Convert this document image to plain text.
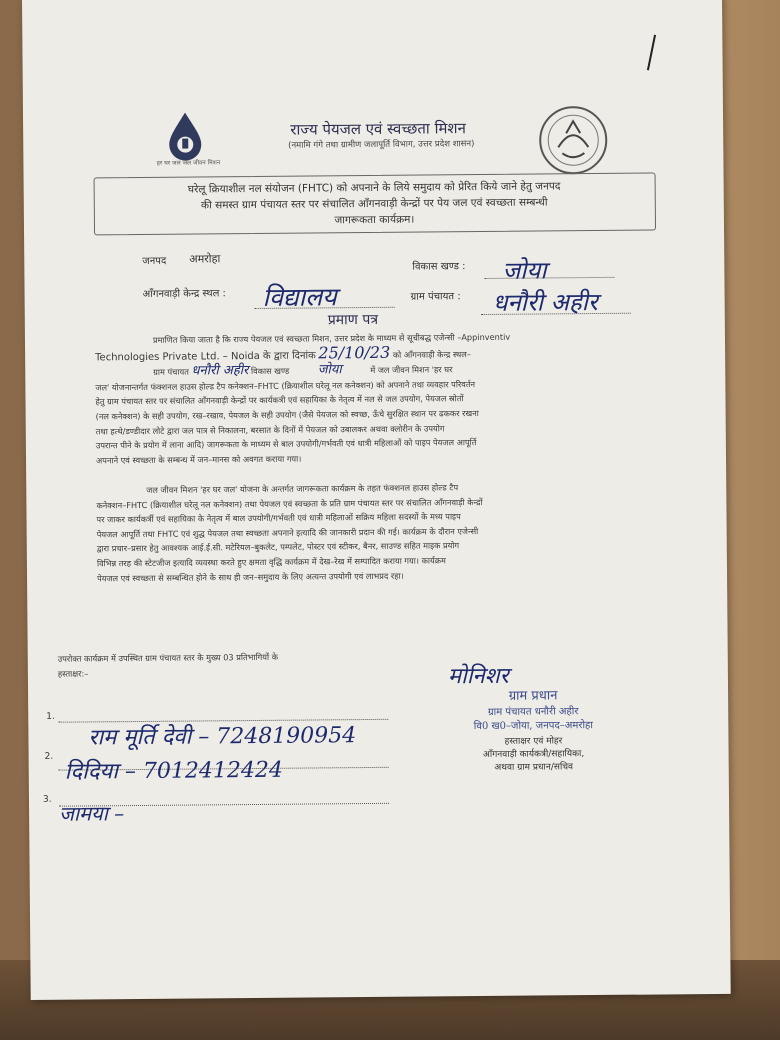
हर घर जल जल जीवन मिशन
राज्य पेयजल एवं स्वच्छता मिशन
(नमामि गंगे तथा ग्रामीण जलापूर्ति विभाग, उत्तर प्रदेश शासन)
घरेलू क्रियाशील नल संयोजन (FHTC) को अपनाने के लिये समुदाय को प्रेरित किये जाने हेतु जनपद
की समस्त ग्राम पंचायत स्तर पर संचालित आँगनवाड़ी केन्द्रों पर पेय जल एवं स्वच्छता सम्बन्धी
जागरूकता कार्यक्रम।
जनपद अमरोहा
विकास खण्ड : जोया
आँगनवाड़ी केन्द्र स्थल : विद्यालय	ग्राम पंचायत : धनौरी अहीर
प्रमाण पत्र
प्रमाणित किया जाता है कि राज्य पेयजल एवं स्वच्छता मिशन, उत्तर प्रदेश के माध्यम से सूचीबद्ध एजेन्सी –Appinventiv
Technologies Private Ltd. – Noida के द्वारा दिनांक 25/10/23 को आँगनवाड़ी केन्द्र स्थल–
ग्राम पंचायत धनौरी अहीर विकास खण्ड जोया	में जल जीवन मिशन 'हर घर
जल' योजनान्तर्गत फंक्शनल हाउस होल्ड टैप कनेक्शन–FHTC (क्रियाशील घरेलू नल कनेक्शन) को अपनाने तथा व्यवहार परिवर्तन
हेतु ग्राम पंचायत स्तर पर संचालित आँगनवाड़ी केन्द्रों पर कार्यकत्री एवं सहायिका के नेतृत्व में नल से जल उपयोग, पेयजल स्रोतों
(नल कनेक्शन) के सही उपयोग, रख–रखाव, पेयजल के सही उपयोग (जैसे पेयजल को स्वच्छ, ऊँचे सुरक्षित स्थान पर ढककर रखना
तथा हत्थे/डण्डीदार लोटे द्वारा जल पात्र से निकालना, बरसात के दिनों में पेयजल को उबालकर अथवा क्लोरीन के उपयोग
उपरान्त पीने के प्रयोग में लाना आदि) जागरूकता के माध्यम से बाल उपयोगी/गर्भवती एवं धात्री महिलाओं को पाइप पेयजल आपूर्ति
अपनाने एवं स्वच्छता के सम्बन्ध में जन–मानस को अवगत कराया गया।
जल जीवन मिशन 'हर घर जल' योजना के अन्तर्गत जागरूकता कार्यक्रम के तहत फंक्शनल हाउस होल्ड टैप
कनेक्शन–FHTC (क्रियाशील घरेलू नल कनेक्शन) तथा पेयजल एवं स्वच्छता के प्रति ग्राम पंचायत स्तर पर संचालित आँगनवाड़ी केन्द्रों
पर जाकर कार्यकर्त्री एवं सहायिका के नेतृत्व में बाल उपयोगी/गर्भवती एवं धात्री महिलाओं सक्रिय महिला सदस्यों के मध्य पाइप
पेयजल आपूर्ति तथा FHTC एवं शुद्ध पेयजल तथा स्वच्छता अपनाने इत्यादि की जानकारी प्रदान की गई। कार्यक्रम के दौरान एजेन्सी
द्वारा प्रचार–प्रसार हेतु आवश्यक आई.ई.सी. मटेरियल–बुकलेट, पम्पलेट, पोस्टर एवं स्टीकर, बैनर, साउण्ड सहित माइक प्रयोग
विभिन्न तरह की स्टेटजीज इत्यादि व्यवस्था करते हुए क्षमता वृद्धि कार्यक्रम में देख–रेख में सम्पादित कराया गया। कार्यक्रम
पेयजल एवं स्वच्छता से सम्बन्धित होने के साथ ही जन–समुदाय के लिए अत्यन्त उपयोगी एवं लाभप्रद रहा।
उपरोक्त कार्यक्रम में उपस्थित ग्राम पंचायत स्तर के मुख्य 03 प्रतिभागियों के
हस्ताक्षर:–
1.
राम मूर्ति देवी – 7248190954
2.
दिदिया – 7012412424
3.
जामया –
मोनिशर
ग्राम प्रधान
ग्राम पंचायत धनौरी अहीर
वि0 ख0–जोया, जनपद–अमरोहा
हस्ताक्षर एवं मोहर
आँगनवाड़ी कार्यकत्री/सहायिका,
अथवा ग्राम प्रधान/सचिव
